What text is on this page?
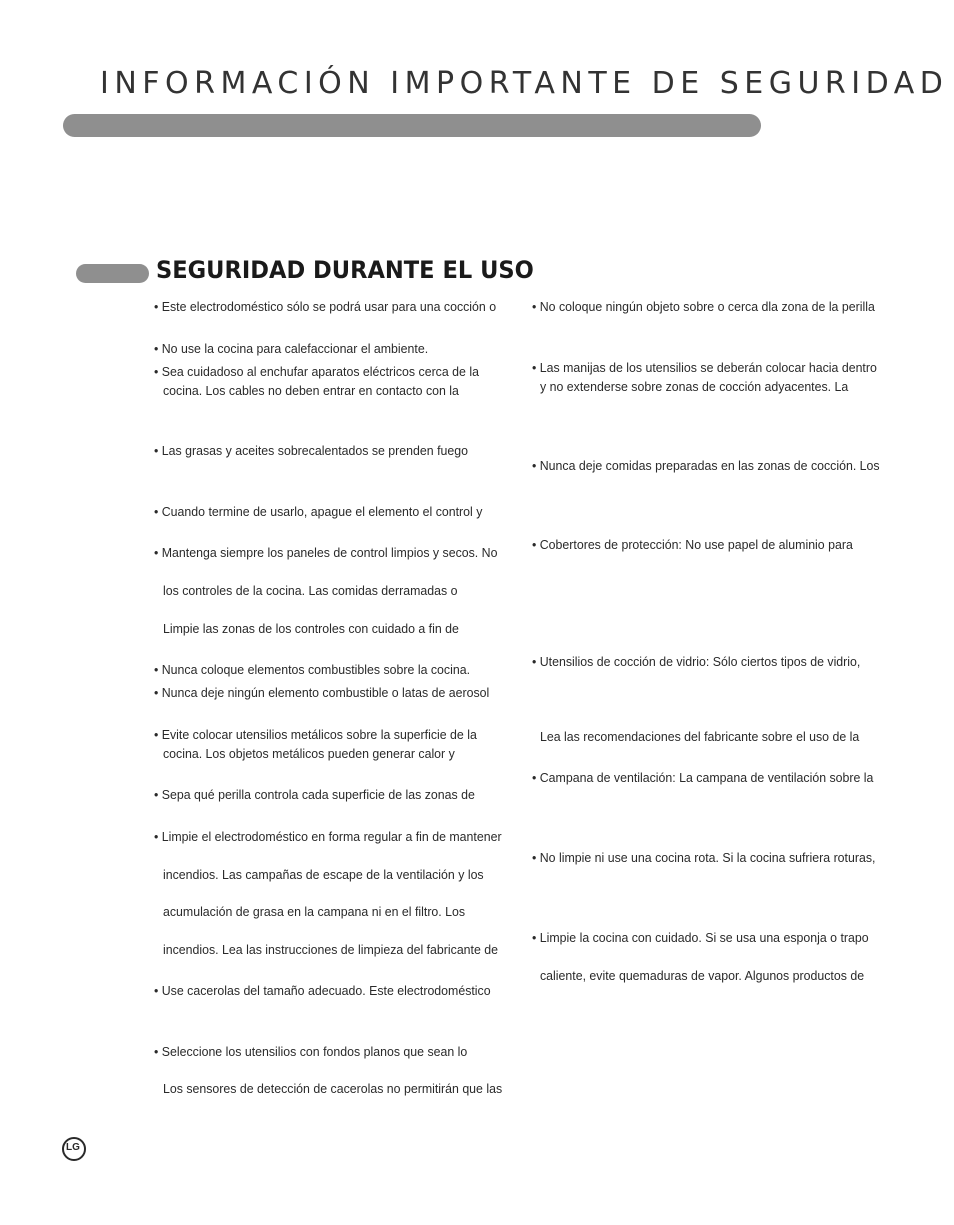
INFORMACIÓN IMPORTANTE DE SEGURIDAD
SEGURIDAD DURANTE EL USO
• Este electrodoméstico sólo se podrá usar para una cocción o
• No use la cocina para calefaccionar el ambiente.
• Sea cuidadoso al enchufar aparatos eléctricos cerca de la
cocina. Los cables no deben entrar en contacto con la
• Las grasas y aceites sobrecalentados se prenden fuego
• Cuando termine de usarlo, apague el elemento el control y
• Mantenga siempre los paneles de control limpios y secos. No
los controles de la cocina. Las comidas derramadas o
Limpie las zonas de los controles con cuidado a fin de
• Nunca coloque elementos combustibles sobre la cocina.
• Nunca deje ningún elemento combustible o latas de aerosol
• Evite colocar utensilios metálicos sobre la superficie de la
cocina. Los objetos metálicos pueden generar calor y
• Sepa qué perilla controla cada superficie de las zonas de
• Limpie el electrodoméstico en forma regular a fin de mantener
incendios. Las campañas de escape de la ventilación y los
acumulación de grasa en la campana ni en el filtro. Los
incendios. Lea las instrucciones de limpieza del fabricante de
• Use cacerolas del tamaño adecuado. Este electrodoméstico
• Seleccione los utensilios con fondos planos que sean lo
Los sensores de detección de cacerolas no permitirán que las
• No coloque ningún objeto sobre o cerca dla zona de la perilla
• Las manijas de los utensilios se deberán colocar hacia dentro
y no extenderse sobre zonas de cocción adyacentes. La
• Nunca deje comidas preparadas en las zonas de cocción. Los
• Cobertores de protección: No use papel de aluminio para
• Utensilios de cocción de vidrio: Sólo ciertos tipos de vidrio,
Lea las recomendaciones del fabricante sobre el uso de la
• Campana de ventilación: La campana de ventilación sobre la
• No limpie ni use una cocina rota. Si la cocina sufriera roturas,
• Limpie la cocina con cuidado. Si se usa una esponja o trapo
caliente, evite quemaduras de vapor. Algunos productos de
LG
